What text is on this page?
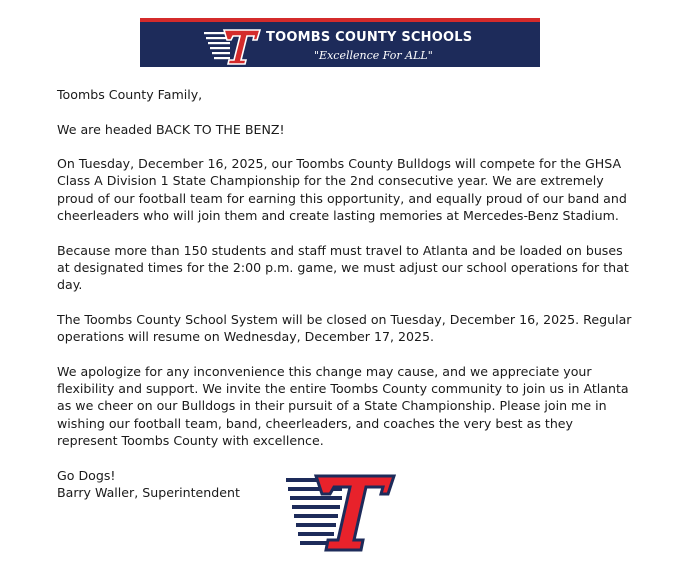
TOOMBS COUNTY SCHOOLS
"Excellence For ALL"

Toombs County Family,

We are headed BACK TO THE BENZ!

On Tuesday, December 16, 2025, our Toombs County Bulldogs will compete for the GHSA Class A Division 1 State Championship for the 2nd consecutive year. We are extremely proud of our football team for earning this opportunity, and equally proud of our band and cheerleaders who will join them and create lasting memories at Mercedes-Benz Stadium.

Because more than 150 students and staff must travel to Atlanta and be loaded on buses at designated times for the 2:00 p.m. game, we must adjust our school operations for that day.

The Toombs County School System will be closed on Tuesday, December 16, 2025. Regular operations will resume on Wednesday, December 17, 2025.

We apologize for any inconvenience this change may cause, and we appreciate your flexibility and support. We invite the entire Toombs County community to join us in Atlanta as we cheer on our Bulldogs in their pursuit of a State Championship. Please join me in wishing our football team, band, cheerleaders, and coaches the very best as they represent Toombs County with excellence.

Go Dogs!

Barry Waller, Superintendent
